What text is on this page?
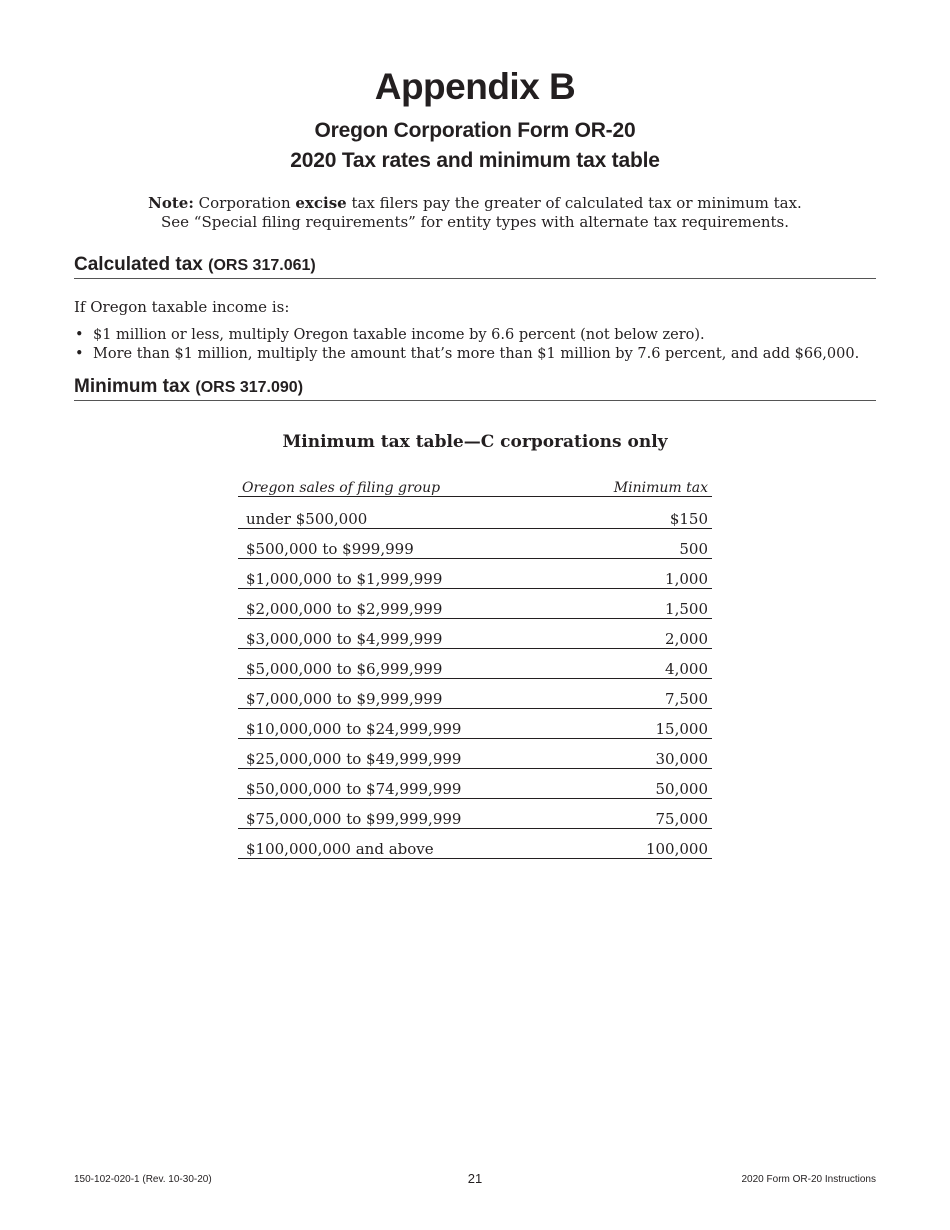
Appendix B
Oregon Corporation Form OR-20
2020 Tax rates and minimum tax table
Note: Corporation excise tax filers pay the greater of calculated tax or minimum tax.
See “Special filing requirements” for entity types with alternate tax requirements.
Calculated tax (ORS 317.061)
If Oregon taxable income is:
• $1 million or less, multiply Oregon taxable income by 6.6 percent (not below zero).
• More than $1 million, multiply the amount that’s more than $1 million by 7.6 percent, and add $66,000.
Minimum tax (ORS 317.090)
Minimum tax table—C corporations only
Oregon sales of filing group	Minimum tax
under $500,000	$150
$500,000 to $999,999	500
$1,000,000 to $1,999,999	1,000
$2,000,000 to $2,999,999	1,500
$3,000,000 to $4,999,999	2,000
$5,000,000 to $6,999,999	4,000
$7,000,000 to $9,999,999	7,500
$10,000,000 to $24,999,999	15,000
$25,000,000 to $49,999,999	30,000
$50,000,000 to $74,999,999	50,000
$75,000,000 to $99,999,999	75,000
$100,000,000 and above	100,000
150-102-020-1 (Rev. 10-30-20)	21	2020 Form OR-20 Instructions
